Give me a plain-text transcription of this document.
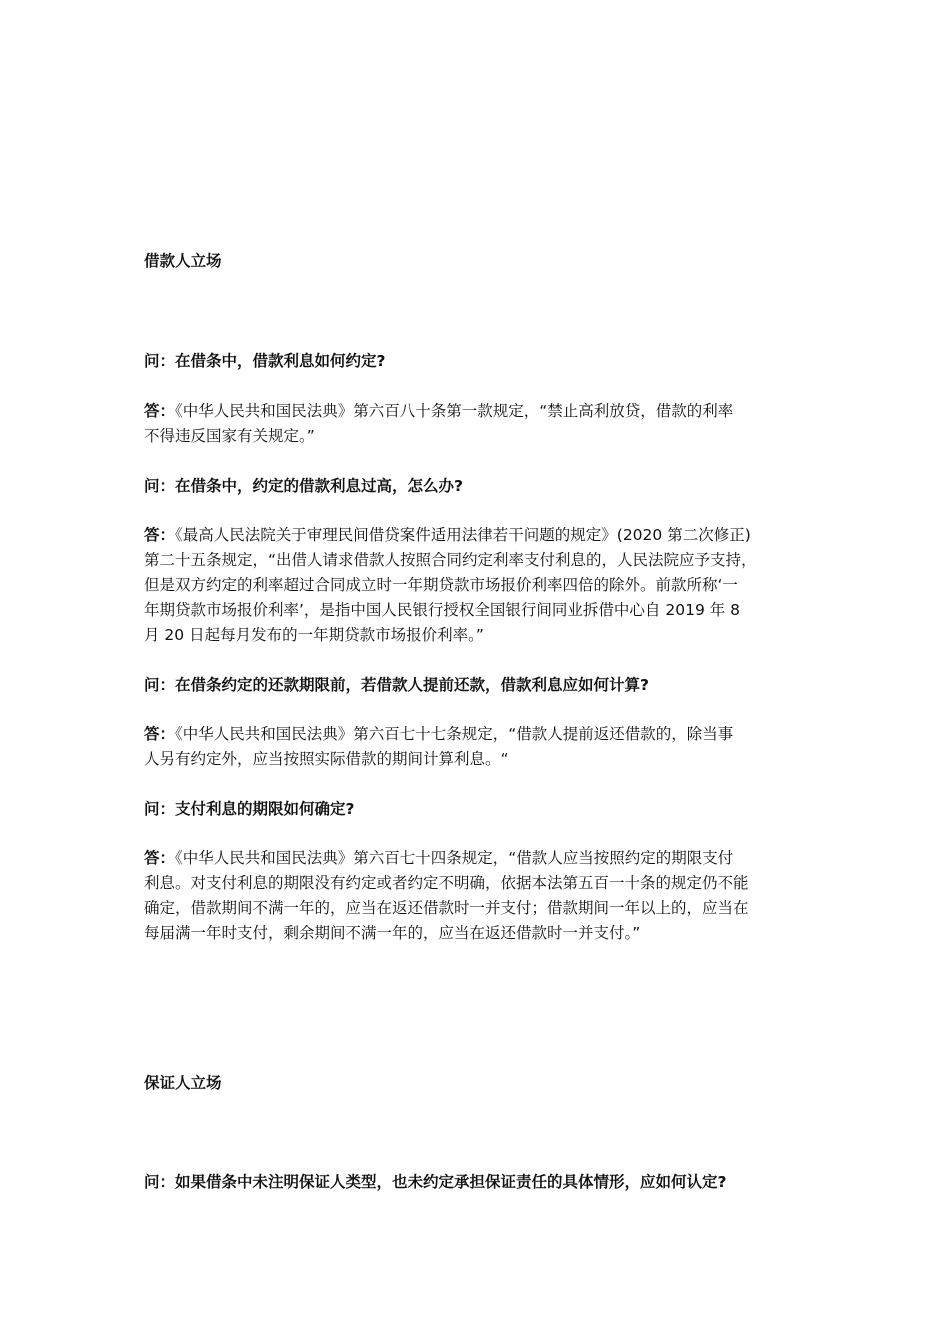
借款人立场

问：在借条中，借款利息如何约定?

答：《中华人民共和国民法典》第六百八十条第一款规定，“禁止高利放贷，借款的利率
不得违反国家有关规定。”

问：在借条中，约定的借款利息过高，怎么办?

答：《最高人民法院关于审理民间借贷案件适用法律若干问题的规定》(2020 第二次修正)
第二十五条规定，“出借人请求借款人按照合同约定利率支付利息的，人民法院应予支持，
但是双方约定的利率超过合同成立时一年期贷款市场报价利率四倍的除外。前款所称‘一
年期贷款市场报价利率’，是指中国人民银行授权全国银行间同业拆借中心自 2019 年 8
月 20 日起每月发布的一年期贷款市场报价利率。”

问：在借条约定的还款期限前，若借款人提前还款，借款利息应如何计算?

答：《中华人民共和国民法典》第六百七十七条规定，“借款人提前返还借款的，除当事
人另有约定外，应当按照实际借款的期间计算利息。“

问：支付利息的期限如何确定?

答：《中华人民共和国民法典》第六百七十四条规定，“借款人应当按照约定的期限支付
利息。对支付利息的期限没有约定或者约定不明确，依据本法第五百一十条的规定仍不能
确定，借款期间不满一年的，应当在返还借款时一并支付；借款期间一年以上的，应当在
每届满一年时支付，剩余期间不满一年的，应当在返还借款时一并支付。”

保证人立场

问：如果借条中未注明保证人类型，也未约定承担保证责任的具体情形，应如何认定?
